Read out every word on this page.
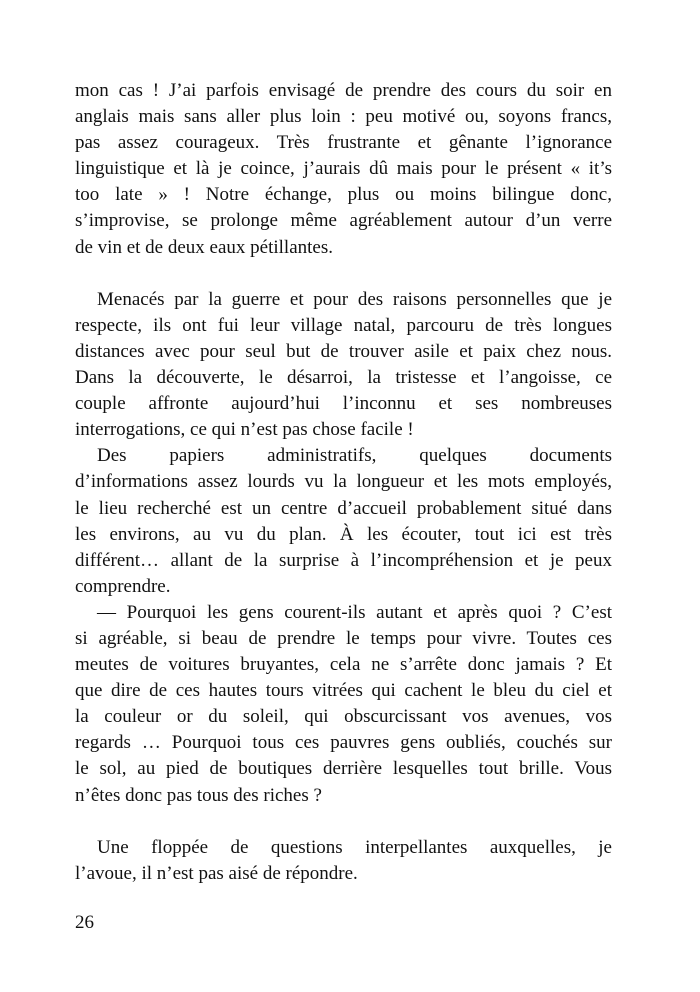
mon cas ! J’ai parfois envisagé de prendre des cours du soir en
anglais mais sans aller plus loin : peu motivé ou, soyons francs,
pas assez courageux. Très frustrante et gênante l’ignorance
linguistique et là je coince, j’aurais dû mais pour le présent « it’s
too late » ! Notre échange, plus ou moins bilingue donc,
s’improvise, se prolonge même agréablement autour d’un verre
de vin et de deux eaux pétillantes.
Menacés par la guerre et pour des raisons personnelles que je
respecte, ils ont fui leur village natal, parcouru de très longues
distances avec pour seul but de trouver asile et paix chez nous.
Dans la découverte, le désarroi, la tristesse et l’angoisse, ce
couple affronte aujourd’hui l’inconnu et ses nombreuses
interrogations, ce qui n’est pas chose facile !
Des papiers administratifs, quelques documents
d’informations assez lourds vu la longueur et les mots employés,
le lieu recherché est un centre d’accueil probablement situé dans
les environs, au vu du plan. À les écouter, tout ici est très
différent… allant de la surprise à l’incompréhension et je peux
comprendre.
— Pourquoi les gens courent-ils autant et après quoi ? C’est
si agréable, si beau de prendre le temps pour vivre. Toutes ces
meutes de voitures bruyantes, cela ne s’arrête donc jamais ? Et
que dire de ces hautes tours vitrées qui cachent le bleu du ciel et
la couleur or du soleil, qui obscurcissant vos avenues, vos
regards … Pourquoi tous ces pauvres gens oubliés, couchés sur
le sol, au pied de boutiques derrière lesquelles tout brille. Vous
n’êtes donc pas tous des riches ?
Une floppée de questions interpellantes auxquelles, je
l’avoue, il n’est pas aisé de répondre.
26
